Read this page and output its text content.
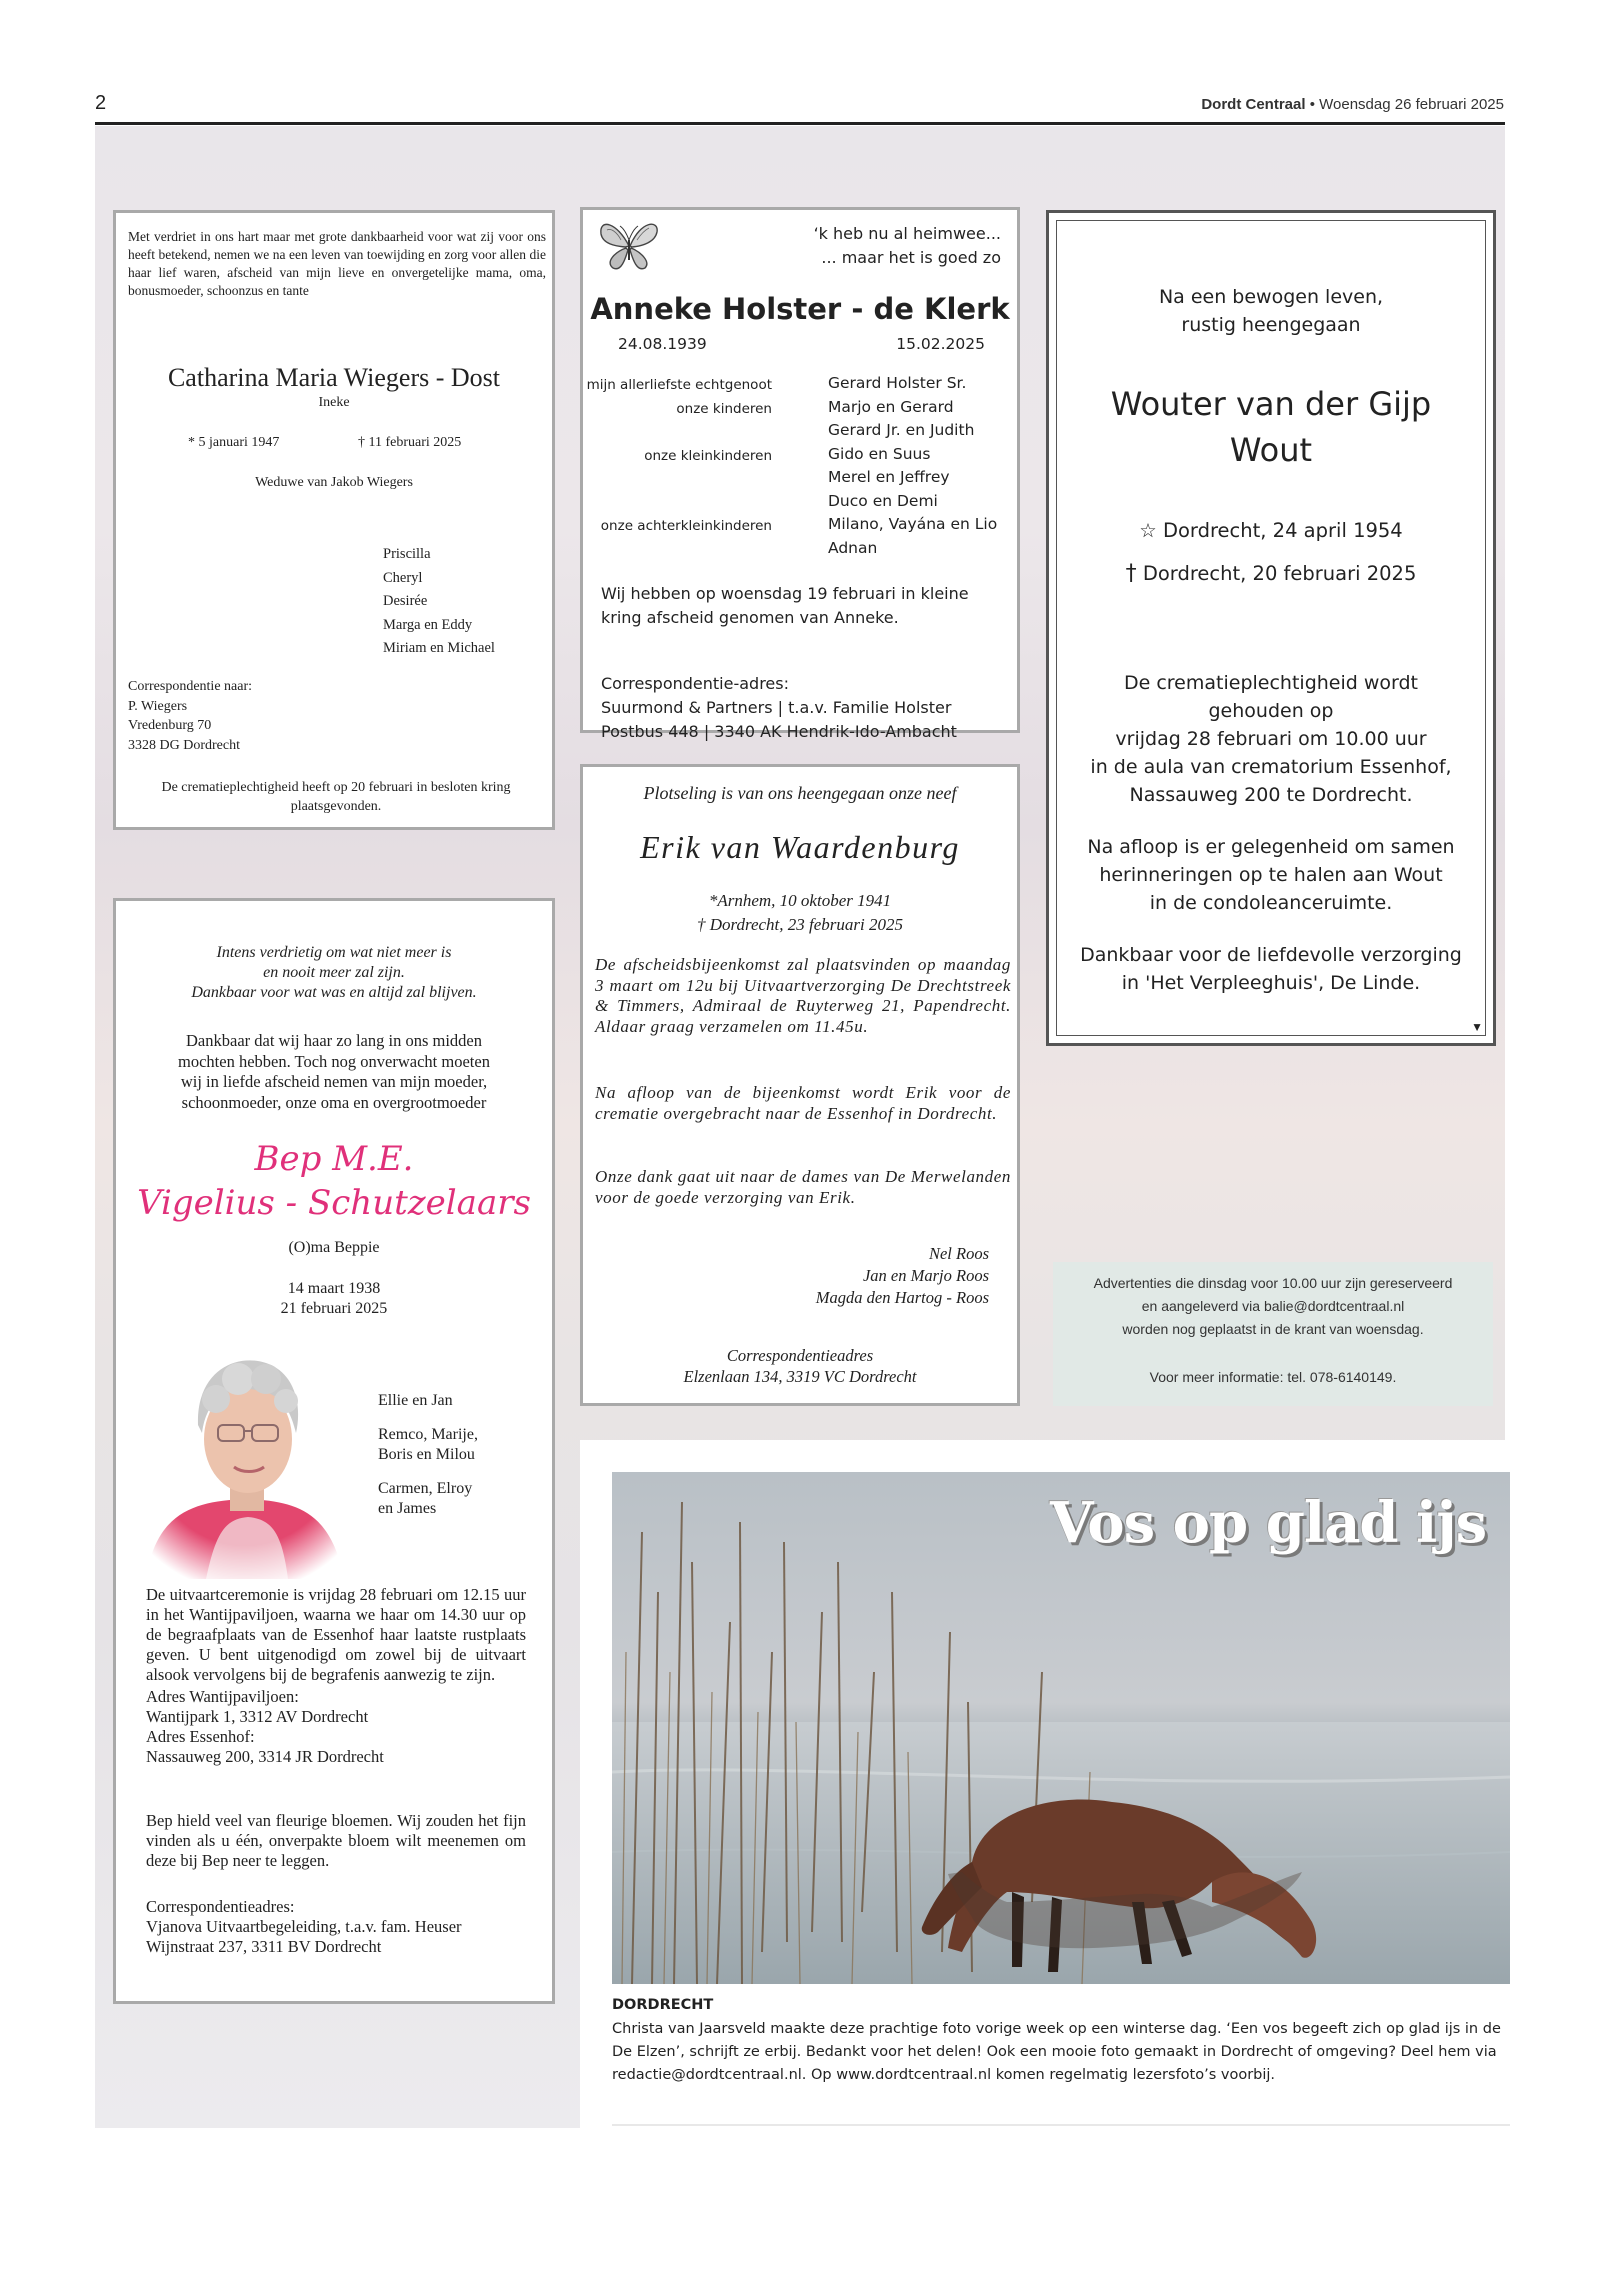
2	Dordt Centraal • Woensdag 26 februari 2025
Met verdriet in ons hart maar met grote dankbaarheid voor wat zij voor ons heeft betekend, nemen we na een leven van toewijding en zorg voor allen die haar lief waren, afscheid van mijn lieve en onvergetelijke mama, oma, bonusmoeder, schoonzus en tante
Catharina Maria Wiegers - Dost
Ineke
* 5 januari 1947	† 11 februari 2025
Weduwe van Jakob Wiegers
Priscilla
Cheryl
Desirée
Marga en Eddy
Miriam en Michael
Correspondentie naar:
P. Wiegers
Vredenburg 70
3328 DG Dordrecht
De crematieplechtigheid heeft op 20 februari in besloten kring plaatsgevonden.
‘k heb nu al heimwee...
... maar het is goed zo
Anneke Holster - de Klerk
24.08.1939	15.02.2025
mijn allerliefste echtgenoot	Gerard Holster Sr.
onze kinderen	Marjo en Gerard
Gerard Jr. en Judith
onze kleinkinderen	Gido en Suus
Merel en Jeffrey
Duco en Demi
onze achterkleinkinderen	Milano, Vayána en Lio
Adnan
Wij hebben op woensdag 19 februari in kleine kring afscheid genomen van Anneke.
Correspondentie-adres:
Suurmond & Partners | t.a.v. Familie Holster
Postbus 448 | 3340 AK Hendrik-Ido-Ambacht
Na een bewogen leven,
rustig heengegaan
Wouter van der Gijp
Wout
☆ Dordrecht, 24 april 1954
† Dordrecht, 20 februari 2025
De crematieplechtigheid wordt
gehouden op
vrijdag 28 februari om 10.00 uur
in de aula van crematorium Essenhof,
Nassauweg 200 te Dordrecht.
Na afloop is er gelegenheid om samen
herinneringen op te halen aan Wout
in de condoleanceruimte.
Dankbaar voor de liefdevolle verzorging
in 'Het Verpleeghuis', De Linde.
▼
Plotseling is van ons heengegaan onze neef
Erik van Waardenburg
*Arnhem, 10 oktober 1941
† Dordrecht, 23 februari 2025
De afscheidsbijeenkomst zal plaatsvinden op maandag 3 maart om 12u bij Uitvaartverzorging De Drechtstreek & Timmers, Admiraal de Ruyterweg 21, Papendrecht. Aldaar graag verzamelen om 11.45u.
Na afloop van de bijeenkomst wordt Erik voor de crematie overgebracht naar de Essenhof in Dordrecht.
Onze dank gaat uit naar de dames van De Merwelanden voor de goede verzorging van Erik.
Nel Roos
Jan en Marjo Roos
Magda den Hartog - Roos
Correspondentieadres
Elzenlaan 134, 3319 VC Dordrecht
Intens verdrietig om wat niet meer is
en nooit meer zal zijn.
Dankbaar voor wat was en altijd zal blijven.
Dankbaar dat wij haar zo lang in ons midden
mochten hebben. Toch nog onverwacht moeten
wij in liefde afscheid nemen van mijn moeder,
schoonmoeder, onze oma en overgrootmoeder
Bep M.E.
Vigelius - Schutzelaars
(O)ma Beppie
14 maart 1938
21 februari 2025
Ellie en Jan
Remco, Marije,
Boris en Milou
Carmen, Elroy
en James
De uitvaartceremonie is vrijdag 28 februari om 12.15 uur in het Wantijpaviljoen, waarna we haar om 14.30 uur op de begraafplaats van de Essenhof haar laatste rustplaats geven. U bent uitgenodigd om zowel bij de uitvaart alsook vervolgens bij de begrafenis aanwezig te zijn.
Adres Wantijpaviljoen:
Wantijpark 1, 3312 AV Dordrecht
Adres Essenhof:
Nassauweg 200, 3314 JR Dordrecht
Bep hield veel van fleurige bloemen. Wij zouden het fijn vinden als u één, onverpakte bloem wilt meenemen om deze bij Bep neer te leggen.
Correspondentieadres:
Vjanova Uitvaartbegeleiding, t.a.v. fam. Heuser
Wijnstraat 237, 3311 BV Dordrecht
Advertenties die dinsdag voor 10.00 uur zijn gereserveerd
en aangeleverd via balie@dordtcentraal.nl
worden nog geplaatst in de krant van woensdag.
Voor meer informatie: tel. 078-6140149.
Vos op glad ijs
DORDRECHT
Christa van Jaarsveld maakte deze prachtige foto vorige week op een winterse dag. ‘Een vos begeeft zich op glad ijs in de De Elzen’, schrijft ze erbij. Bedankt voor het delen! Ook een mooie foto gemaakt in Dordrecht of omgeving? Deel hem via redactie@dordtcentraal.nl. Op www.dordtcentraal.nl komen regelmatig lezersfoto’s voorbij.
